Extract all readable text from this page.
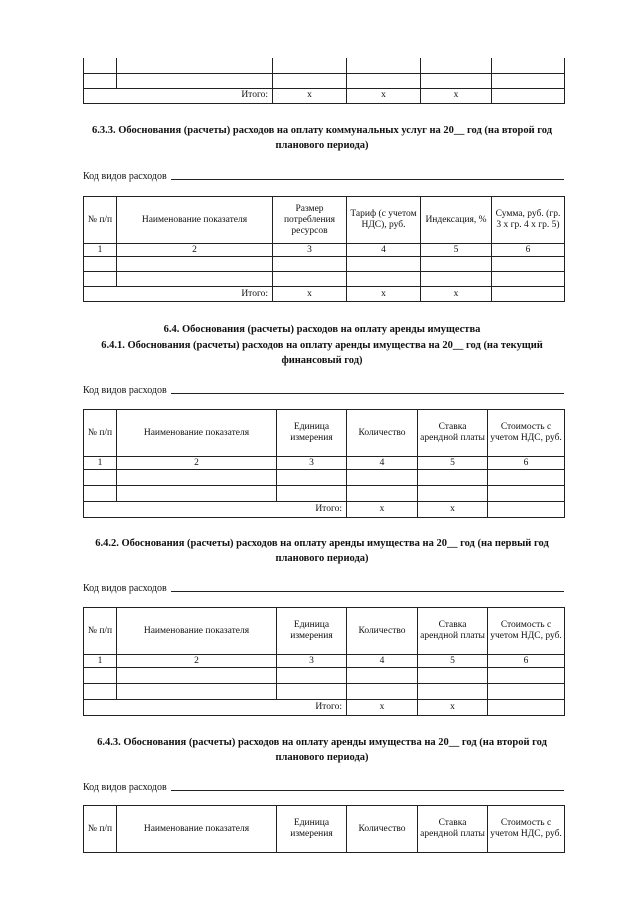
Итого:		x	x	x	
6.3.3. Обоснования (расчеты) расходов на оплату коммунальных услуг на 20__ год (на второй год планового периода)
Код видов расходов
№ п/п	Наименование показателя	Размер потребления ресурсов	Тариф (с учетом НДС), руб.	Индексация, %	Сумма, руб. (гр. 3 х гр. 4 х гр. 5)
1	2	3	4	5	6

Итого:		x	x	x	
6.4. Обоснования (расчеты) расходов на оплату аренды имущества
6.4.1. Обоснования (расчеты) расходов на оплату аренды имущества на 20__ год (на текущий финансовый год)
Код видов расходов
№ п/п	Наименование показателя	Единица измерения	Количество	Ставка арендной платы	Стоимость с учетом НДС, руб.
1	2	3	4	5	6

Итого:			x	x	
6.4.2. Обоснования (расчеты) расходов на оплату аренды имущества на 20__ год (на первый год планового периода)
Код видов расходов
№ п/п	Наименование показателя	Единица измерения	Количество	Ставка арендной платы	Стоимость с учетом НДС, руб.
1	2	3	4	5	6

Итого:			x	x	
6.4.3. Обоснования (расчеты) расходов на оплату аренды имущества на 20__ год (на второй год планового периода)
Код видов расходов
№ п/п	Наименование показателя	Единица измерения	Количество	Ставка арендной платы	Стоимость с учетом НДС, руб.
